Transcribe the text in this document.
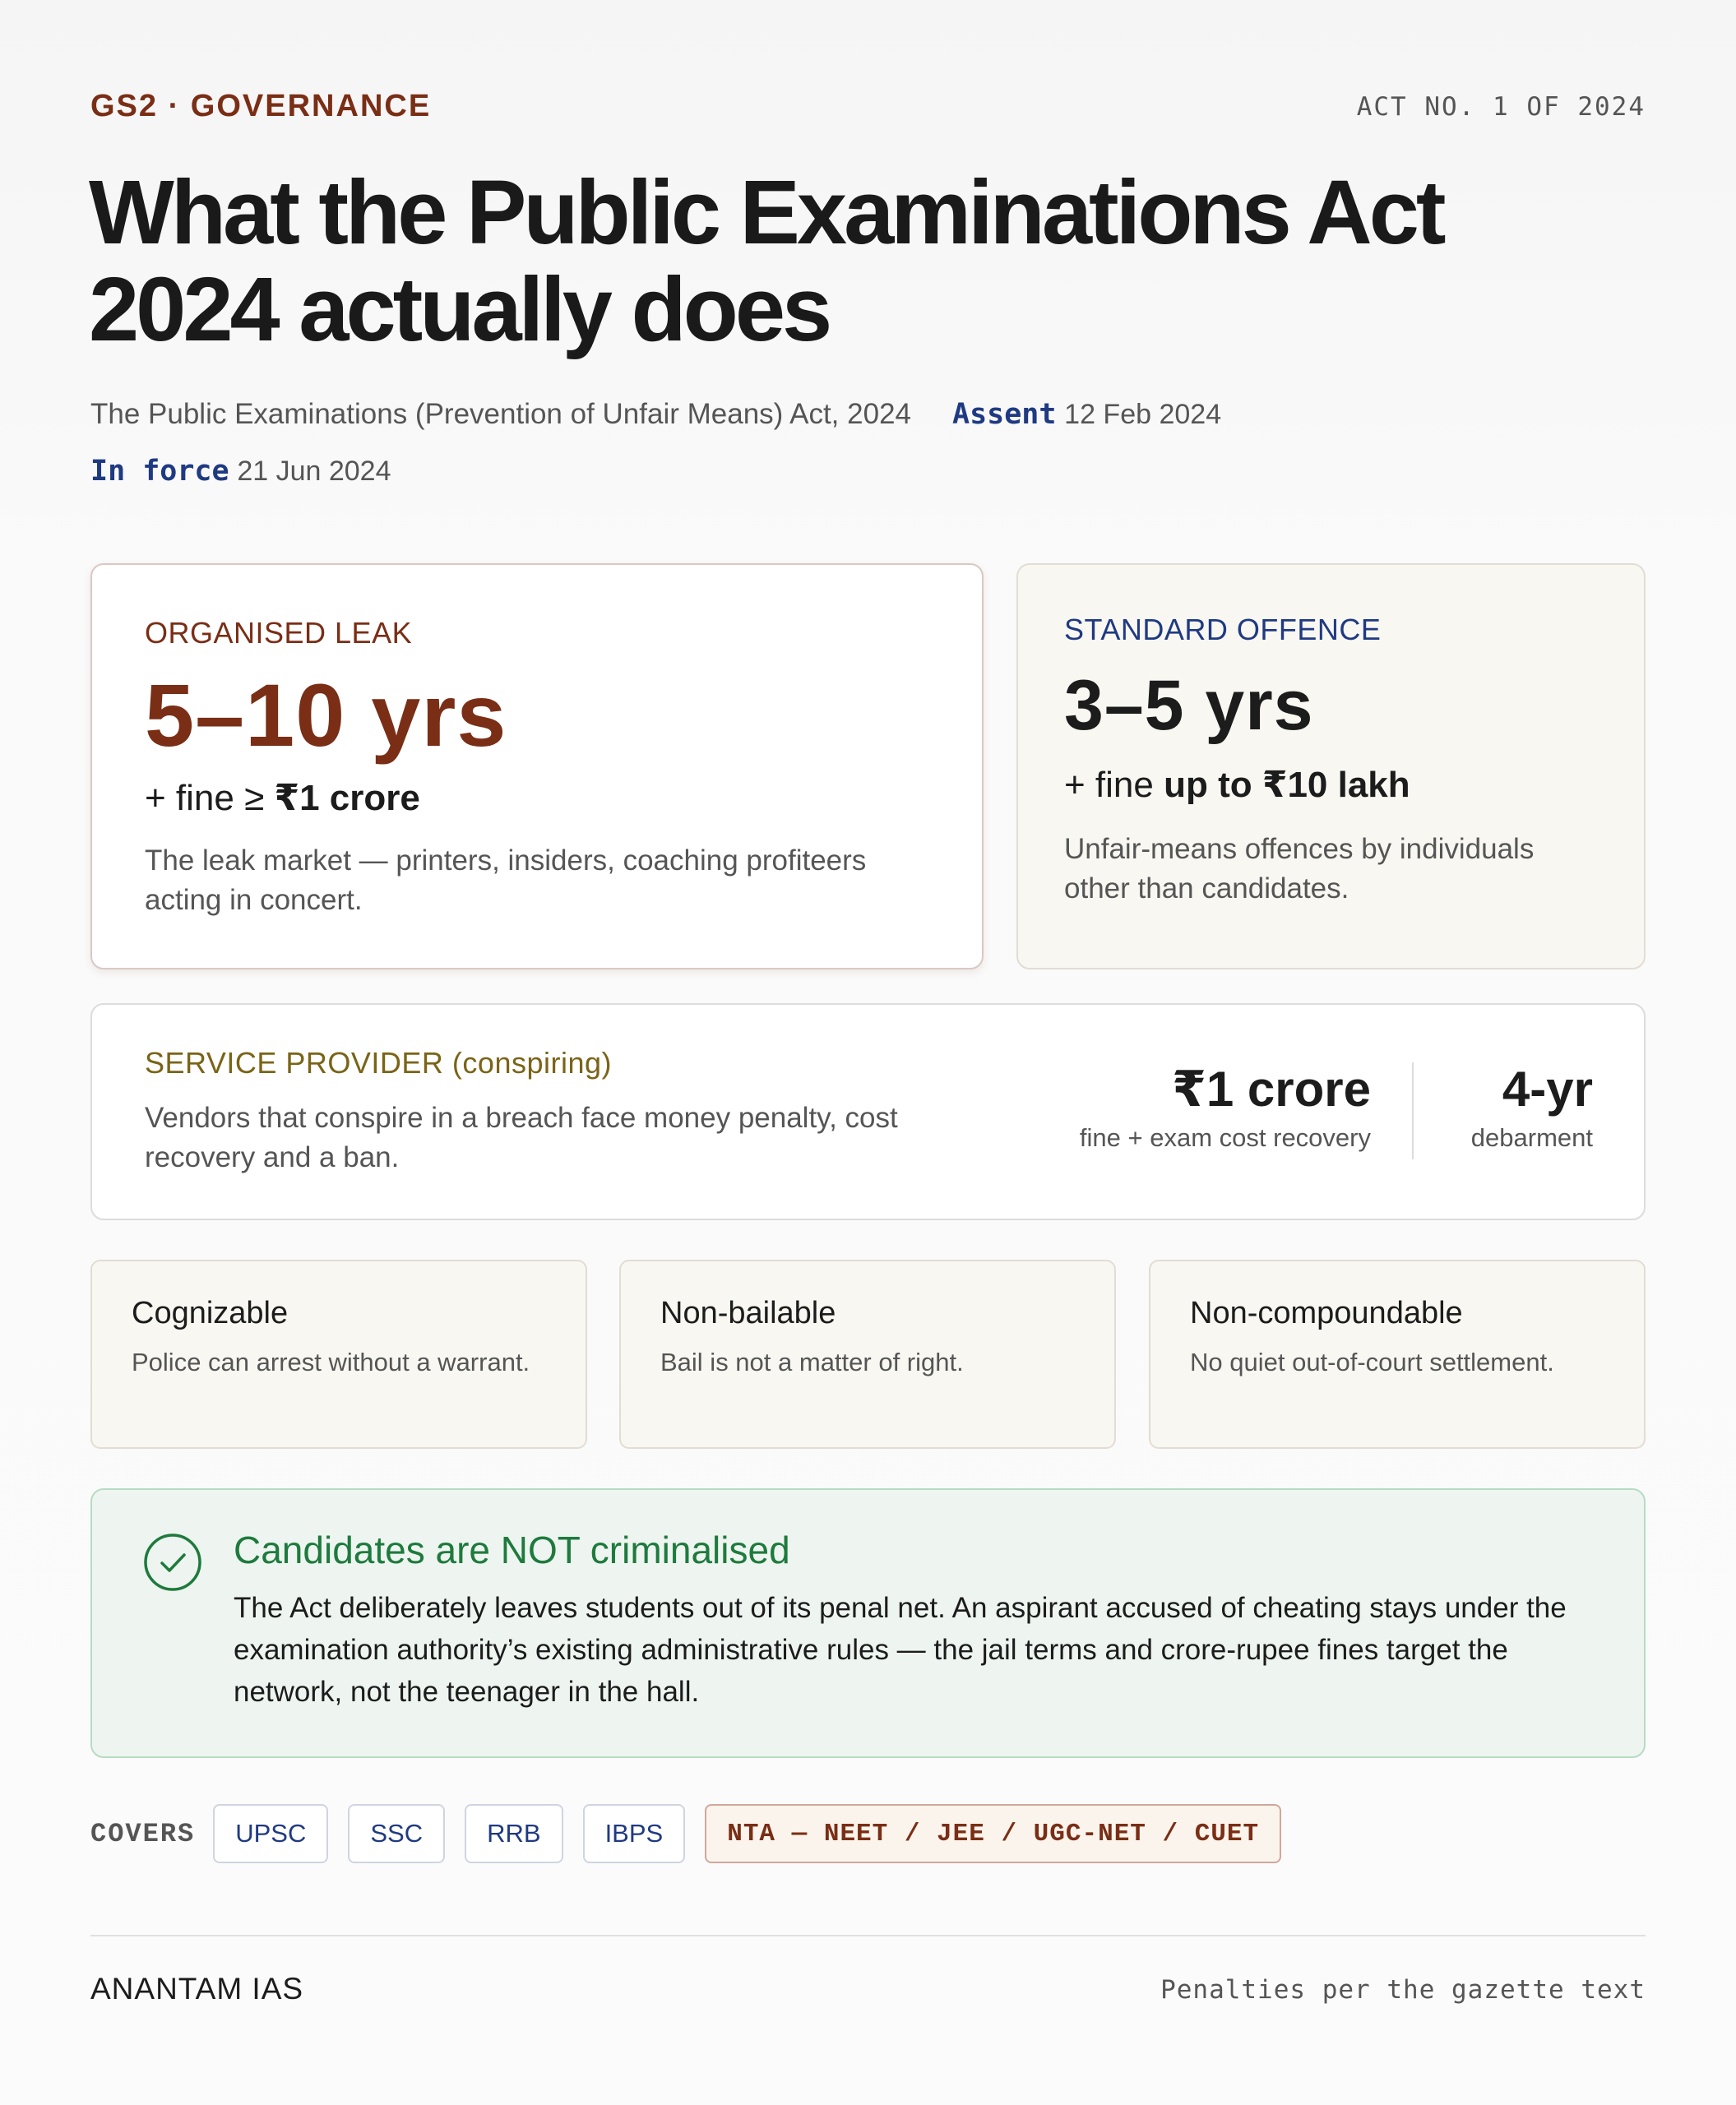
GS2 · GOVERNANCE	ACT NO. 1 OF 2024
What the Public Examinations Act 2024 actually does
The Public Examinations (Prevention of Unfair Means) Act, 2024 Assent 12 Feb 2024
In force 21 Jun 2024
ORGANISED LEAK
5–10 yrs
+ fine ≥ ₹1 crore
The leak market — printers, insiders, coaching profiteers acting in concert.
STANDARD OFFENCE
3–5 yrs
+ fine up to ₹10 lakh
Unfair-means offences by individuals other than candidates.
SERVICE PROVIDER (conspiring)
Vendors that conspire in a breach face money penalty, cost recovery and a ban.
₹1 crore
fine + exam cost recovery
4-yr
debarment
Cognizable
Police can arrest without a warrant.
Non-bailable
Bail is not a matter of right.
Non-compoundable
No quiet out-of-court settlement.
Candidates are NOT criminalised
The Act deliberately leaves students out of its penal net. An aspirant accused of cheating stays under the examination authority’s existing administrative rules — the jail terms and crore-rupee fines target the network, not the teenager in the hall.
COVERS	UPSC	SSC	RRB	IBPS	NTA — NEET / JEE / UGC-NET / CUET
ANANTAM IAS	Penalties per the gazette text
